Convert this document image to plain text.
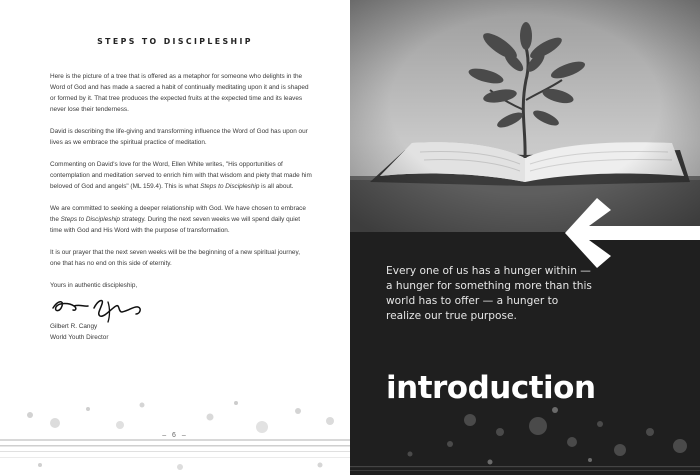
STEPS TO DISCIPLESHIP

Here is the picture of a tree that is offered as a metaphor for someone who delights in the Word of God and has made a sacred a habit of continually meditating upon it and is shaped or formed by it. That tree produces the expected fruits at the expected time and its leaves never lose their tenderness.

David is describing the life-giving and transforming influence the Word of God has upon our lives as we embrace the spiritual practice of meditation.

Commenting on David's love for the Word, Ellen White writes, "His opportunities of contemplation and meditation served to enrich him with that wisdom and piety that made him beloved of God and angels" (ML 159.4). This is what Steps to Discipleship is all about.

We are committed to seeking a deeper relationship with God. We have chosen to embrace the Steps to Discipleship strategy. During the next seven weeks we will spend daily quiet time with God and His Word with the purpose of transformation.

It is our prayer that the next seven weeks will be the beginning of a new spiritual journey, one that has no end on this side of eternity.

Yours in authentic discipleship,

Gilbert R. Cangy
World Youth Director
– 6 –
Every one of us has a hunger within —
a hunger for something more than this
world has to offer — a hunger to
realize our true purpose.
introduction
